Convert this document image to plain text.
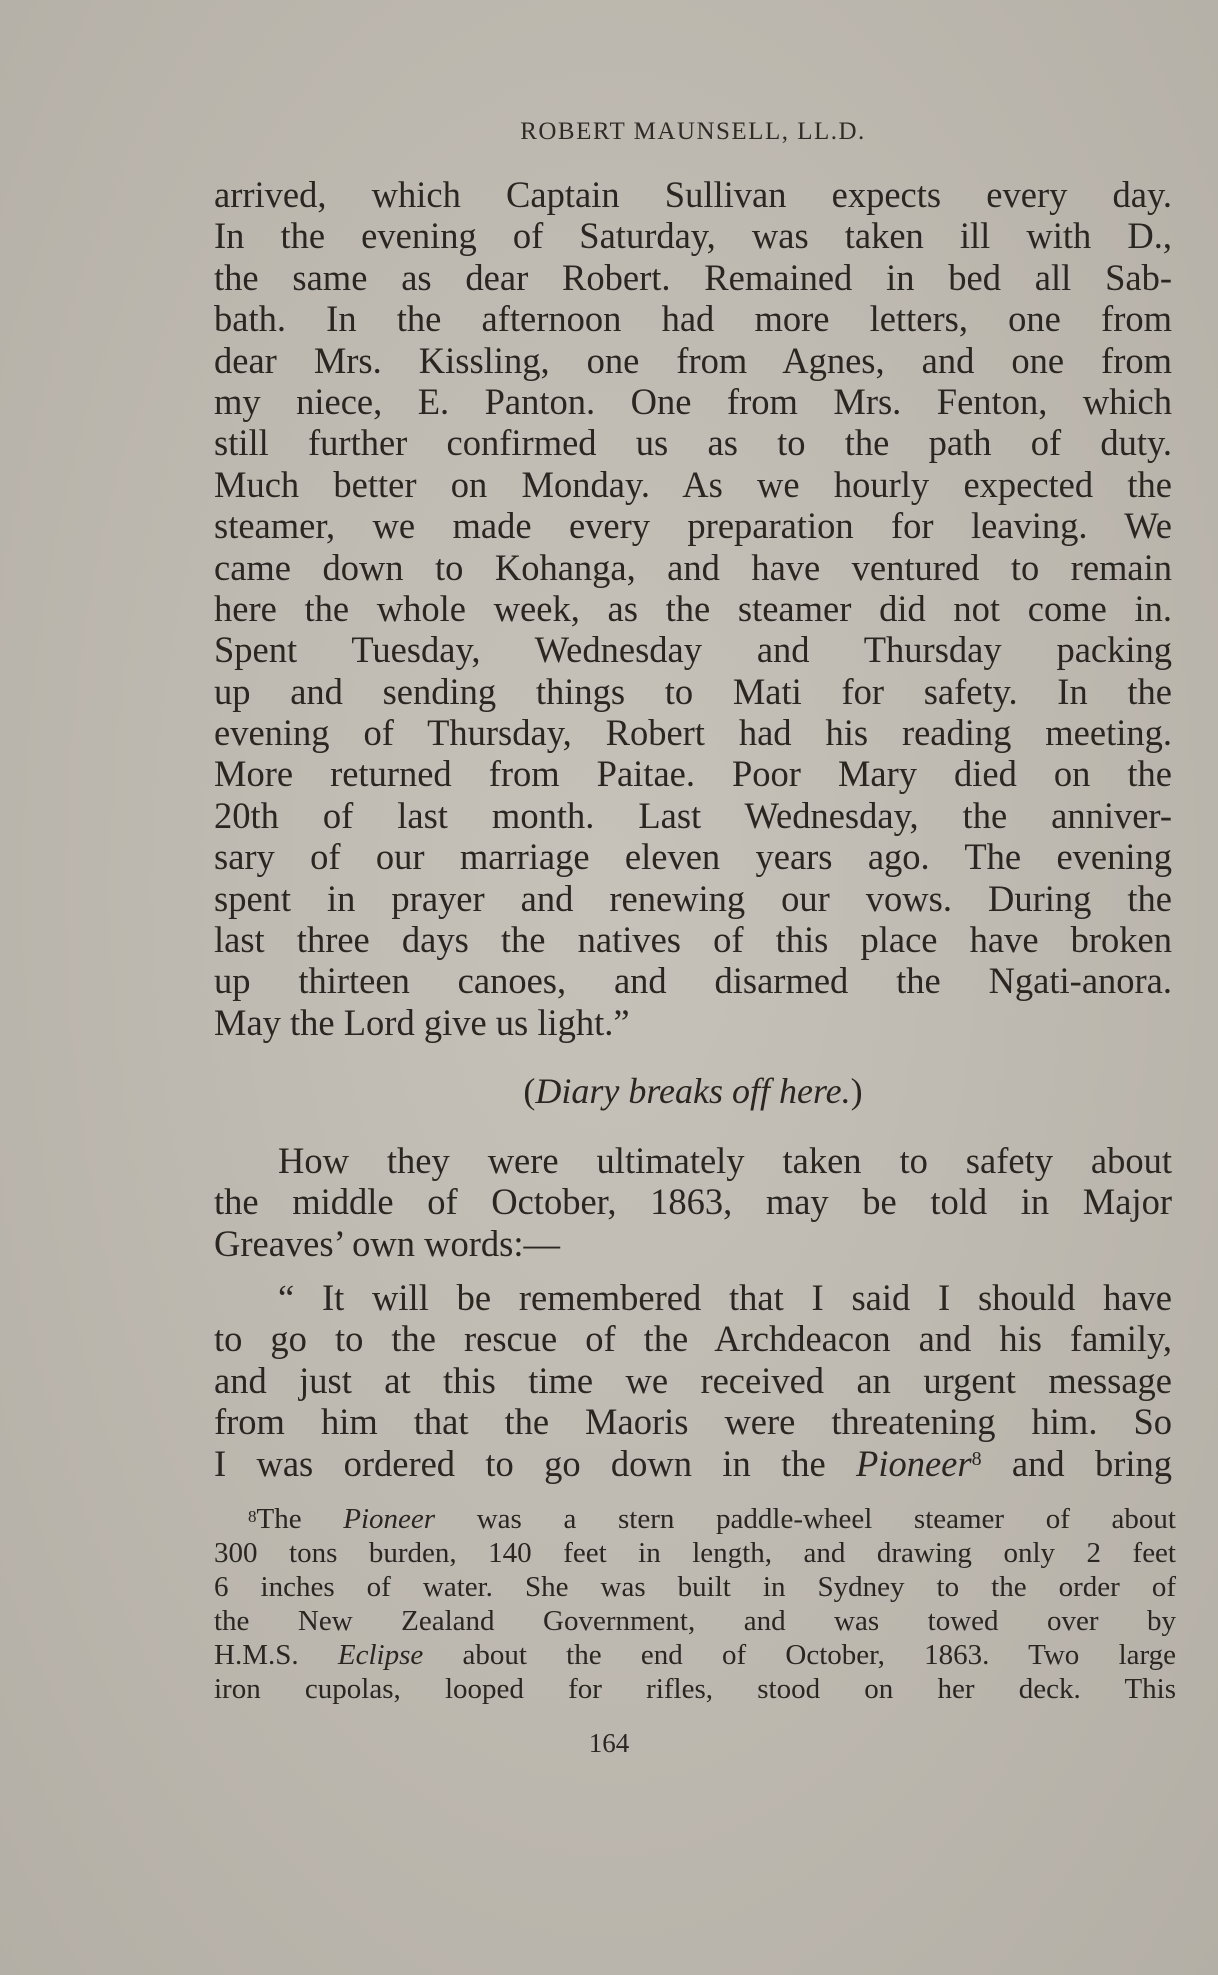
ROBERT MAUNSELL, LL.D.
arrived, which Captain Sullivan expects every day.
In the evening of Saturday, was taken ill with D.,
the same as dear Robert. Remained in bed all Sab-
bath. In the afternoon had more letters, one from
dear Mrs. Kissling, one from Agnes, and one from
my niece, E. Panton. One from Mrs. Fenton, which
still further confirmed us as to the path of duty.
Much better on Monday. As we hourly expected the
steamer, we made every preparation for leaving. We
came down to Kohanga, and have ventured to remain
here the whole week, as the steamer did not come in.
Spent Tuesday, Wednesday and Thursday packing
up and sending things to Mati for safety. In the
evening of Thursday, Robert had his reading meeting.
More returned from Paitae. Poor Mary died on the
20th of last month. Last Wednesday, the anniver-
sary of our marriage eleven years ago. The evening
spent in prayer and renewing our vows. During the
last three days the natives of this place have broken
up thirteen canoes, and disarmed the Ngati-anora.
May the Lord give us light.”
(Diary breaks off here.)
How they were ultimately taken to safety about
the middle of October, 1863, may be told in Major
Greaves’ own words:—
“ It will be remembered that I said I should have
to go to the rescue of the Archdeacon and his family,
and just at this time we received an urgent message
from him that the Maoris were threatening him. So
I was ordered to go down in the Pioneer$^8$ and bring
$^8$The Pioneer was a stern paddle-wheel steamer of about
300 tons burden, 140 feet in length, and drawing only 2 feet
6 inches of water. She was built in Sydney to the order of
the New Zealand Government, and was towed over by
H.M.S. Eclipse about the end of October, 1863. Two large
iron cupolas, looped for rifles, stood on her deck. This
164
